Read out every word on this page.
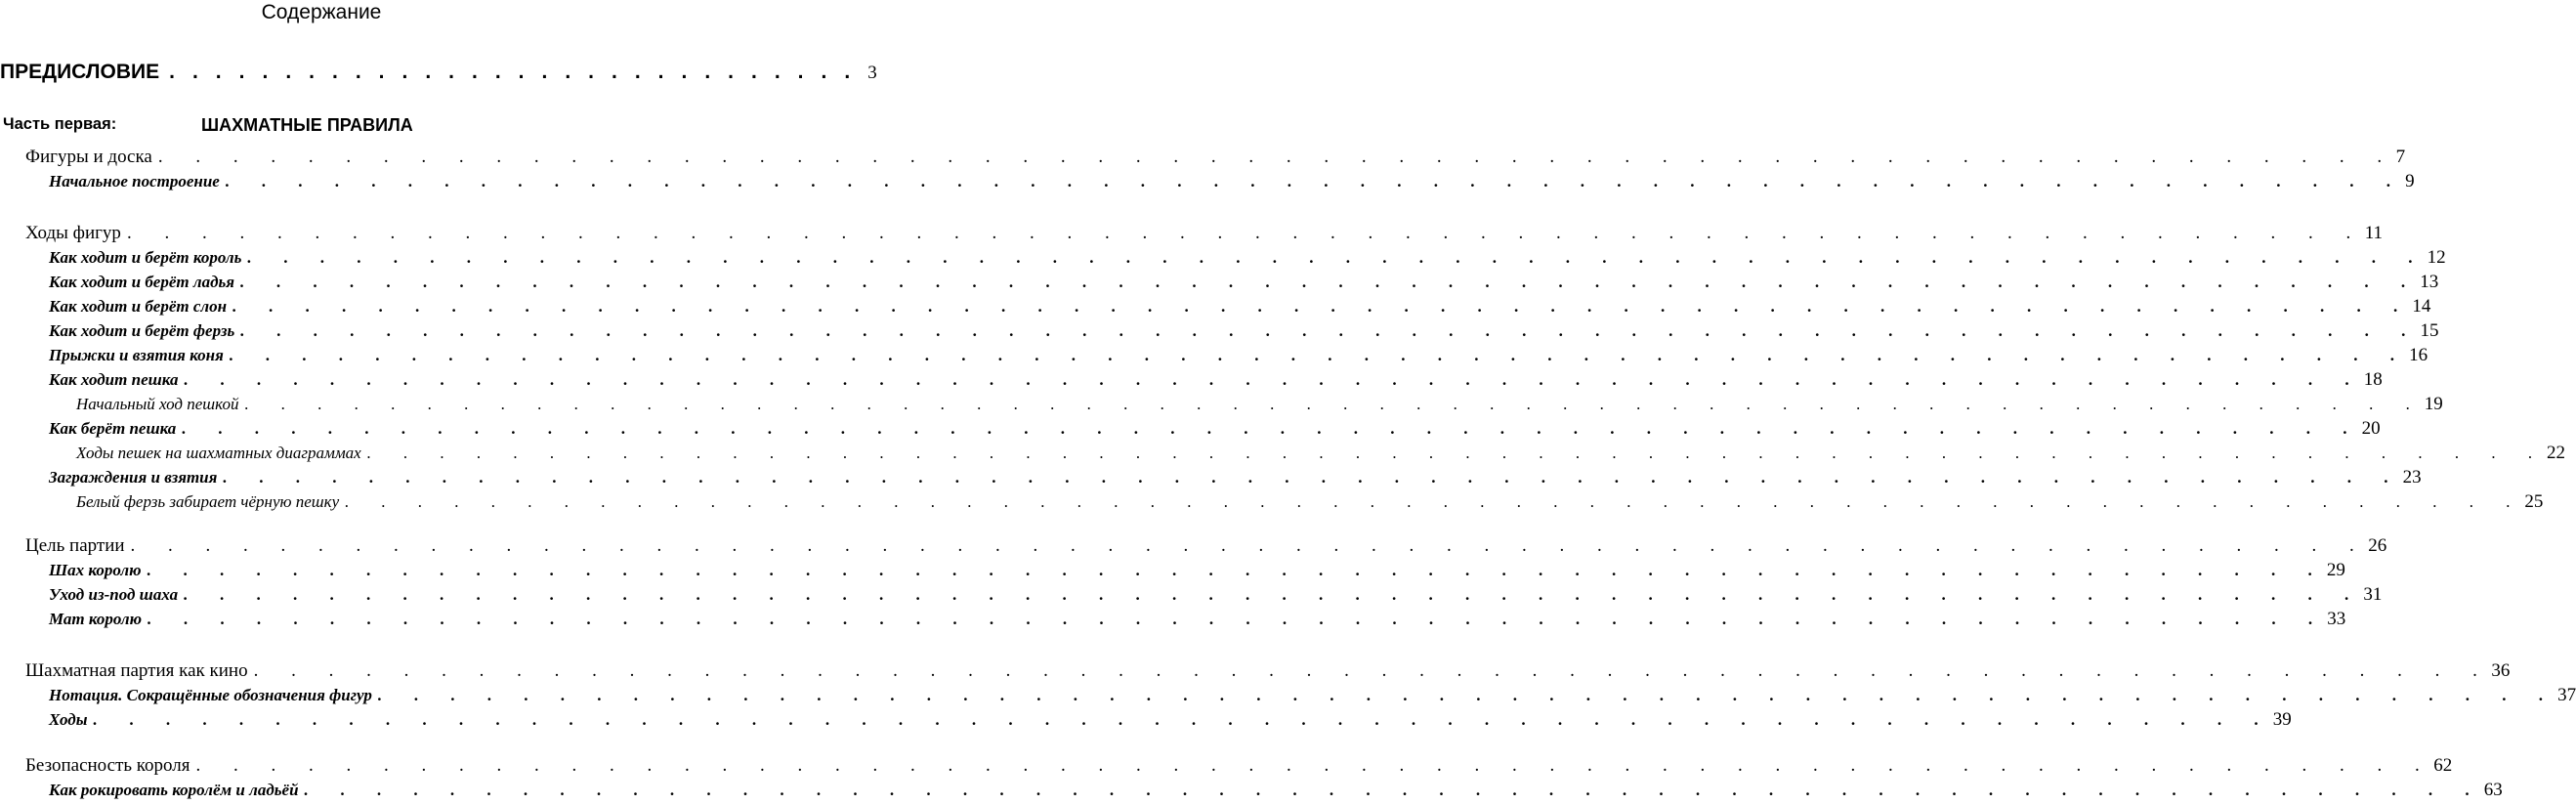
Содержание
ПРЕДИСЛОВИЕ .............................. 3
Часть первая:	ШАХМАТНЫЕ ПРАВИЛА
Фигуры и доска . . . . . . . . . . . . . . . . . . . . . . . . . . . . . . . . . . . . . . . . . . . . . . . . . . . . . . . . . . . . 7
Начальное построение . . . . . . . . . . . . . . . . . . . . . . . . . . . . . . . . . . . . . . . . . . . . . . . . . . . . . . . . . . . . 9
Ходы фигур . . . . . . . . . . . . . . . . . . . . . . . . . . . . . . . . . . . . . . . . . . . . . . . . . . . . . . . . . . . . 11
Как ходит и берёт король . . . . . . . . . . . . . . . . . . . . . . . . . . . . . . . . . . . . . . . . . . . . . . . . . . . . . . . . . . . . 12
Как ходит и берёт ладья . . . . . . . . . . . . . . . . . . . . . . . . . . . . . . . . . . . . . . . . . . . . . . . . . . . . . . . . . . . . 13
Как ходит и берёт слон . . . . . . . . . . . . . . . . . . . . . . . . . . . . . . . . . . . . . . . . . . . . . . . . . . . . . . . . . . . . 14
Как ходит и берёт ферзь . . . . . . . . . . . . . . . . . . . . . . . . . . . . . . . . . . . . . . . . . . . . . . . . . . . . . . . . . . . . 15
Прыжки и взятия коня . . . . . . . . . . . . . . . . . . . . . . . . . . . . . . . . . . . . . . . . . . . . . . . . . . . . . . . . . . . . 16
Как ходит пешка . . . . . . . . . . . . . . . . . . . . . . . . . . . . . . . . . . . . . . . . . . . . . . . . . . . . . . . . . . . . 18
Начальный ход пешкой . . . . . . . . . . . . . . . . . . . . . . . . . . . . . . . . . . . . . . . . . . . . . . . . . . . . . . . . . . . . 19
Как берёт пешка . . . . . . . . . . . . . . . . . . . . . . . . . . . . . . . . . . . . . . . . . . . . . . . . . . . . . . . . . . . . 20
Ходы пешек на шахматных диаграммах . . . . . . . . . . . . . . . . . . . . . . . . . . . . . . . . . . . . . . . . . . . . . . . . . . . . . . . . . . . . 22
Заграждения и взятия . . . . . . . . . . . . . . . . . . . . . . . . . . . . . . . . . . . . . . . . . . . . . . . . . . . . . . . . . . . . 23
Белый ферзь забирает чёрную пешку . . . . . . . . . . . . . . . . . . . . . . . . . . . . . . . . . . . . . . . . . . . . . . . . . . . . . . . . . . . . 25
Цель партии . . . . . . . . . . . . . . . . . . . . . . . . . . . . . . . . . . . . . . . . . . . . . . . . . . . . . . . . . . . . 26
Шах королю . . . . . . . . . . . . . . . . . . . . . . . . . . . . . . . . . . . . . . . . . . . . . . . . . . . . . . . . . . . . 29
Уход из-под шаха . . . . . . . . . . . . . . . . . . . . . . . . . . . . . . . . . . . . . . . . . . . . . . . . . . . . . . . . . . . . 31
Мат королю . . . . . . . . . . . . . . . . . . . . . . . . . . . . . . . . . . . . . . . . . . . . . . . . . . . . . . . . . . . . 33
Шахматная партия как кино . . . . . . . . . . . . . . . . . . . . . . . . . . . . . . . . . . . . . . . . . . . . . . . . . . . . . . . . . . . . 36
Нотация. Сокращённые обозначения фигур . . . . . . . . . . . . . . . . . . . . . . . . . . . . . . . . . . . . . . . . . . . . . . . . . . . . . . . . . . . . 37
Ходы . . . . . . . . . . . . . . . . . . . . . . . . . . . . . . . . . . . . . . . . . . . . . . . . . . . . . . . . . . . . 39
Безопасность короля . . . . . . . . . . . . . . . . . . . . . . . . . . . . . . . . . . . . . . . . . . . . . . . . . . . . . . . . . . . . 62
Как рокировать королём и ладьёй . . . . . . . . . . . . . . . . . . . . . . . . . . . . . . . . . . . . . . . . . . . . . . . . . . . . . . . . . . . . 63
